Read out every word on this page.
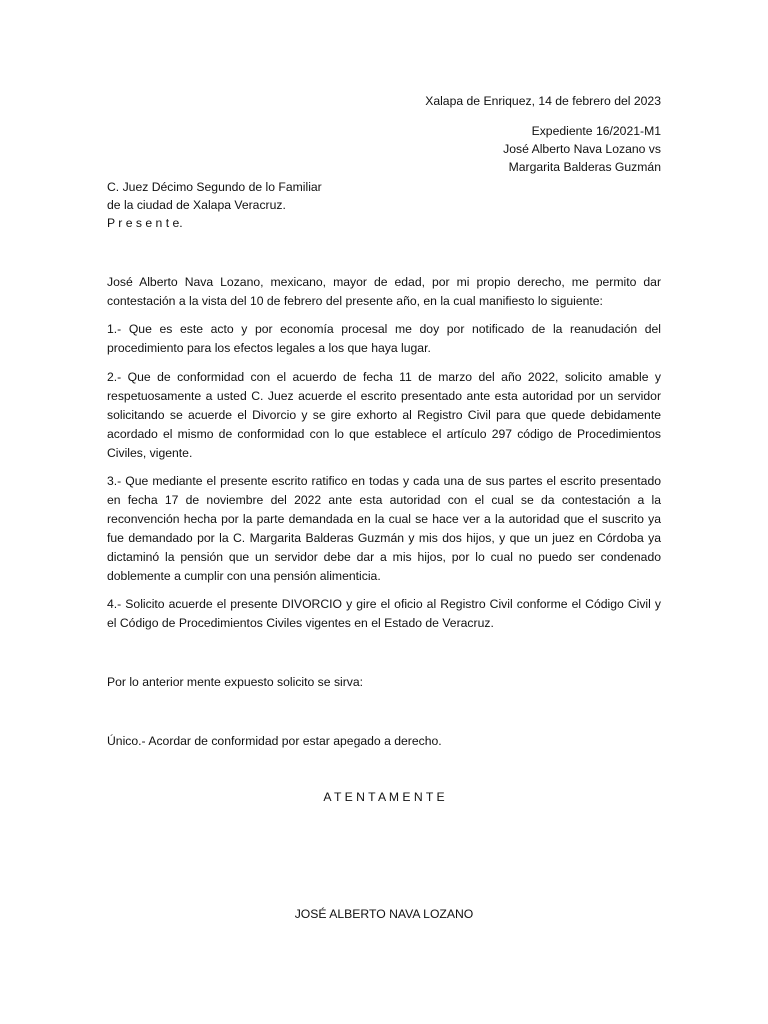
Xalapa de Enriquez, 14 de febrero del 2023

Expediente 16/2021-M1

José Alberto Nava Lozano vs

Margarita Balderas Guzmán

C. Juez Décimo Segundo de lo Familiar

de la ciudad de Xalapa Veracruz.

P r e s e n t e.

José Alberto Nava Lozano, mexicano, mayor de edad, por mi propio derecho, me permito dar contestación a la vista del 10 de febrero del presente año, en la cual manifiesto lo siguiente:

1.- Que es este acto y por economía procesal me doy por notificado de la reanudación del procedimiento para los efectos legales a los que haya lugar.

2.- Que de conformidad con el acuerdo de fecha 11 de marzo del año 2022, solicito amable y respetuosamente a usted C. Juez acuerde el escrito presentado ante esta autoridad por un servidor solicitando se acuerde el Divorcio y se gire exhorto al Registro Civil para que quede debidamente acordado el mismo de conformidad con lo que establece el artículo 297 código de Procedimientos Civiles, vigente.

3.- Que mediante el presente escrito ratifico en todas y cada una de sus partes el escrito presentado en fecha 17 de noviembre del 2022 ante esta autoridad con el cual se da contestación a la reconvención hecha por la parte demandada en la cual se hace ver a la autoridad que el suscrito ya fue demandado por la C. Margarita Balderas Guzmán y mis dos hijos, y que un juez en Córdoba ya dictaminó la pensión que un servidor debe dar a mis hijos, por lo cual no puedo ser condenado doblemente a cumplir con una pensión alimenticia.

4.- Solicito acuerde el presente DIVORCIO y gire el oficio al Registro Civil conforme el Código Civil y el Código de Procedimientos Civiles vigentes en el Estado de Veracruz.

Por lo anterior mente expuesto solicito se sirva:

Único.- Acordar de conformidad por estar apegado a derecho.

A T E N T A M E N T E

JOSÉ ALBERTO NAVA LOZANO
